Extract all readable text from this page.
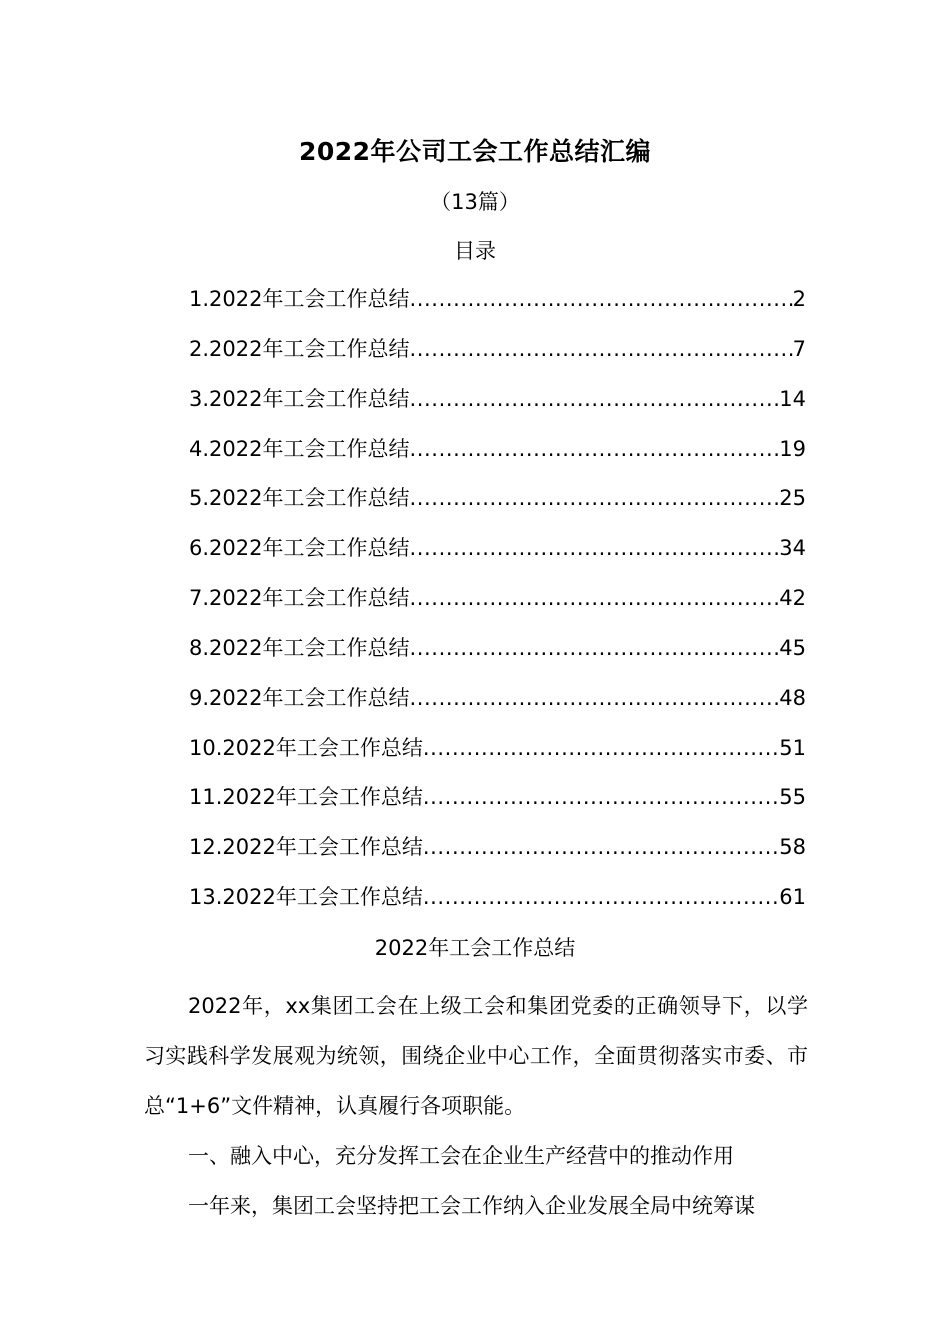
2022年公司工会工作总结汇编
（13篇）
目录
1.2022年工会工作总结 .....	2
2.2022年工会工作总结 .....	7
3.2022年工会工作总结 .....	14
4.2022年工会工作总结 .....	19
5.2022年工会工作总结 .....	25
6.2022年工会工作总结 .....	34
7.2022年工会工作总结 .....	42
8.2022年工会工作总结 .....	45
9.2022年工会工作总结 .....	48
10.2022年工会工作总结 .....	51
11.2022年工会工作总结 .....	55
12.2022年工会工作总结 .....	58
13.2022年工会工作总结 .....	61
2022年工会工作总结

2022年，xx集团工会在上级工会和集团党委的正确领导下，以学习实践科学发展观为统领，围绕企业中心工作，全面贯彻落实市委、市总“1+6”文件精神，认真履行各项职能。

一、融入中心，充分发挥工会在企业生产经营中的推动作用

一年来，集团工会坚持把工会工作纳入企业发展全局中统筹谋
